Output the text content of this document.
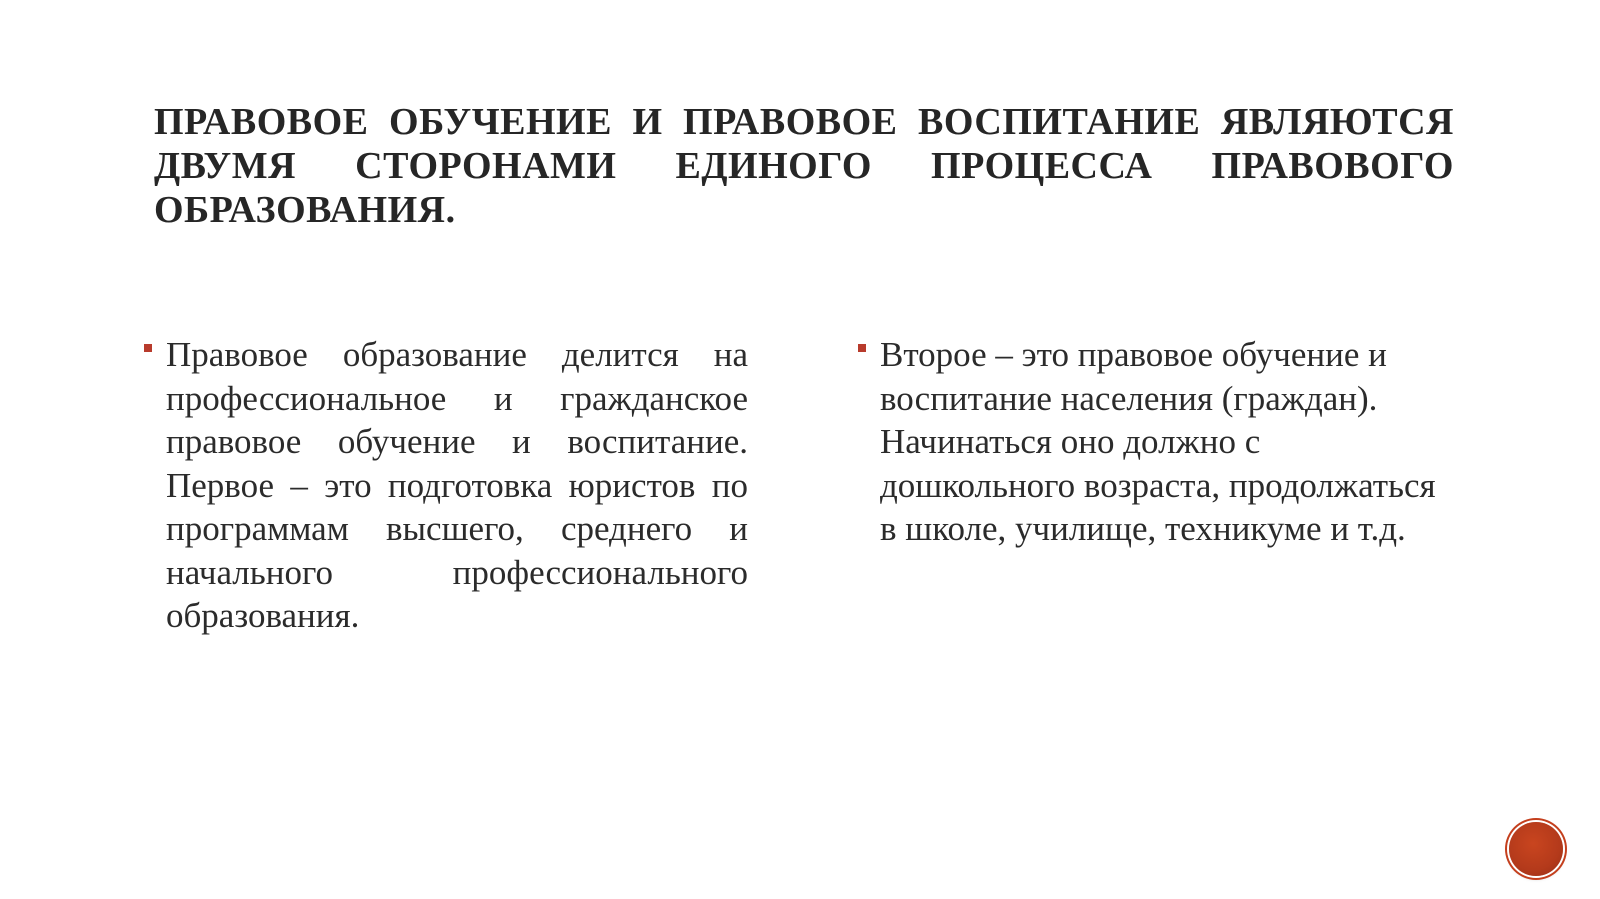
ПРАВОВОЕ ОБУЧЕНИЕ И ПРАВОВОЕ ВОСПИТАНИЕ ЯВЛЯЮТСЯ ДВУМЯ СТОРОНАМИ ЕДИНОГО ПРОЦЕССА ПРАВОВОГО ОБРАЗОВАНИЯ.
Правовое образование делится на профессиональное и гражданское правовое обучение и воспитание. Первое – это подготовка юристов по программам высшего, среднего и начального профессионального образования.
Второе – это правовое обучение и воспитание населения (граждан). Начинаться оно должно с дошкольного возраста, продолжаться в школе, училище, техникуме и т.д.
